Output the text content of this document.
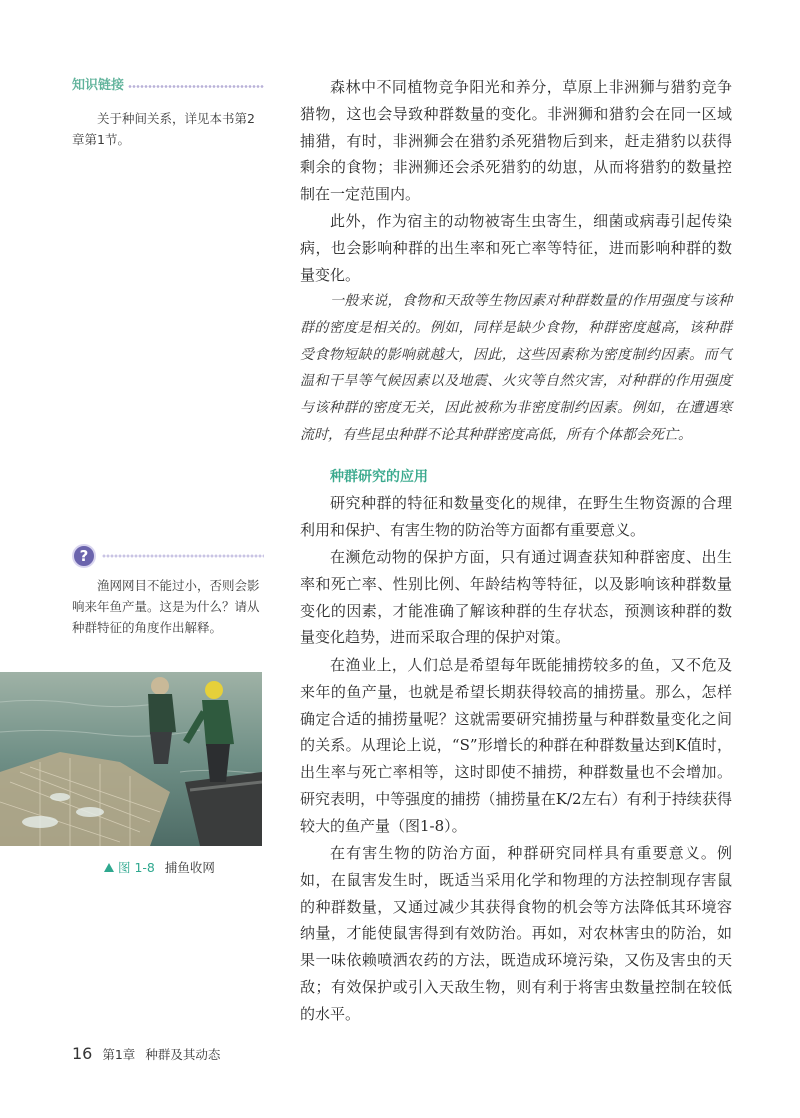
知识链接

关于种间关系，详见本书第2章第1节。

?

渔网网目不能过小，否则会影响来年鱼产量。这是为什么？请从种群特征的角度作出解释。

图 1-8 捕鱼收网

森林中不同植物竞争阳光和养分，草原上非洲狮与猎豹竞争猎物，这也会导致种群数量的变化。非洲狮和猎豹会在同一区域捕猎，有时，非洲狮会在猎豹杀死猎物后到来，赶走猎豹以获得剩余的食物；非洲狮还会杀死猎豹的幼崽，从而将猎豹的数量控制在一定范围内。

此外，作为宿主的动物被寄生虫寄生，细菌或病毒引起传染病，也会影响种群的出生率和死亡率等特征，进而影响种群的数量变化。

一般来说，食物和天敌等生物因素对种群数量的作用强度与该种群的密度是相关的。例如，同样是缺少食物，种群密度越高，该种群受食物短缺的影响就越大，因此，这些因素称为密度制约因素。而气温和干旱等气候因素以及地震、火灾等自然灾害，对种群的作用强度与该种群的密度无关，因此被称为非密度制约因素。例如，在遭遇寒流时，有些昆虫种群不论其种群密度高低，所有个体都会死亡。

种群研究的应用

研究种群的特征和数量变化的规律，在野生生物资源的合理利用和保护、有害生物的防治等方面都有重要意义。

在濒危动物的保护方面，只有通过调查获知种群密度、出生率和死亡率、性别比例、年龄结构等特征，以及影响该种群数量变化的因素，才能准确了解该种群的生存状态，预测该种群的数量变化趋势，进而采取合理的保护对策。

在渔业上，人们总是希望每年既能捕捞较多的鱼，又不危及来年的鱼产量，也就是希望长期获得较高的捕捞量。那么，怎样确定合适的捕捞量呢？这就需要研究捕捞量与种群数量变化之间的关系。从理论上说，“S”形增长的种群在种群数量达到K值时，出生率与死亡率相等，这时即使不捕捞，种群数量也不会增加。研究表明，中等强度的捕捞（捕捞量在K/2左右）有利于持续获得较大的鱼产量（图1-8）。

在有害生物的防治方面，种群研究同样具有重要意义。例如，在鼠害发生时，既适当采用化学和物理的方法控制现存害鼠的种群数量，又通过减少其获得食物的机会等方法降低其环境容纳量，才能使鼠害得到有效防治。再如，对农林害虫的防治，如果一味依赖喷洒农药的方法，既造成环境污染，又伤及害虫的天敌；有效保护或引入天敌生物，则有利于将害虫数量控制在较低的水平。

16 第1章 种群及其动态
